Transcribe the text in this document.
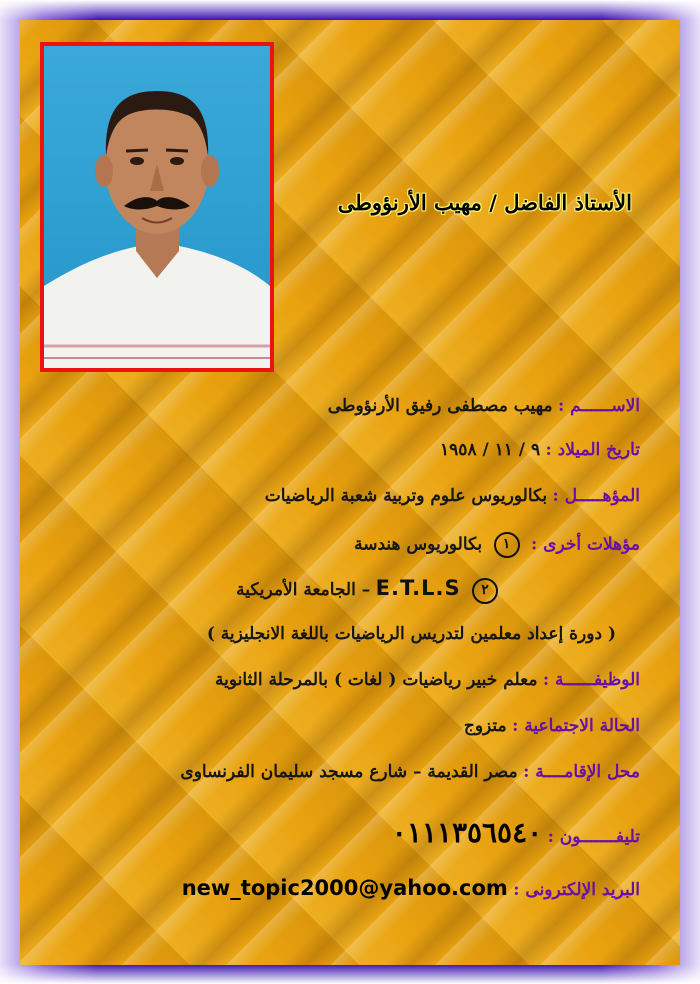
الأستاذ الفاضل / مهيب الأرنؤوطى
الاســــــم : مهيب مصطفى رفيق الأرنؤوطى
تاريخ الميلاد : ٩ / ١١ / ١٩٥٨
المؤهـــــل : بكالوريوس علوم وتربية شعبة الرياضيات
مؤهلات أخرى : ١ بكالوريوس هندسة
٢ E.T.L.S – الجامعة الأمريكية
( دورة إعداد معلمين لتدريس الرياضيات باللغة الانجليزية )
الوظيفــــــة : معلم خبير رياضيات ( لغات ) بالمرحلة الثانوية
الحالة الاجتماعية : متزوج
محل الإقامــــة : مصر القديمة – شارع مسجد سليمان الفرنساوى
تليفـــــــون : ٠١١١٣٥٦٥٤٠
البريد الإلكترونى : new_topic2000@yahoo.com
